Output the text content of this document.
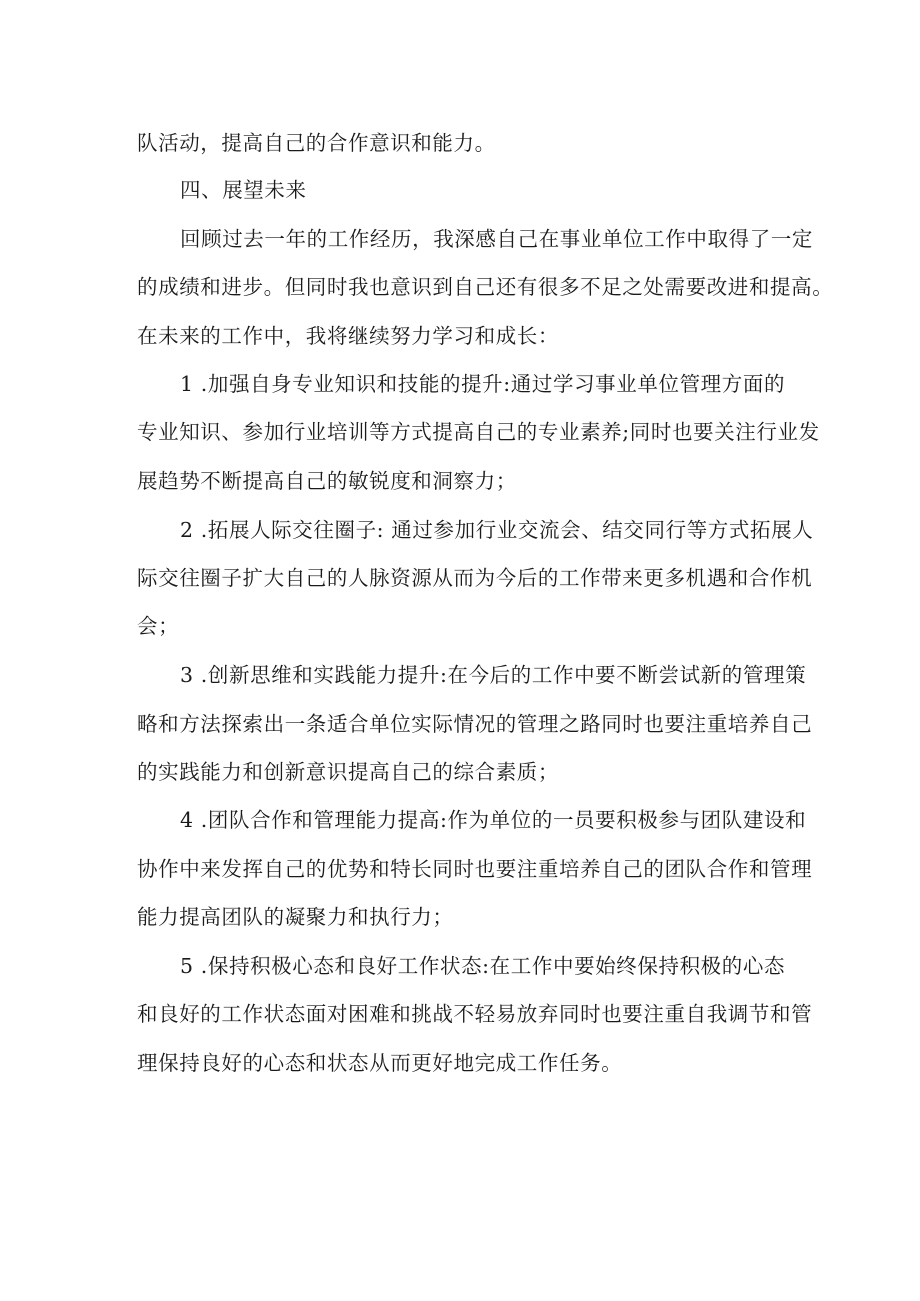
队活动，提高自己的合作意识和能力。
四、展望未来
回顾过去一年的工作经历，我深感自己在事业单位工作中取得了一定
的成绩和进步。但同时我也意识到自己还有很多不足之处需要改进和提高。
在未来的工作中，我将继续努力学习和成长：
1 .加强自身专业知识和技能的提升:通过学习事业单位管理方面的
专业知识、参加行业培训等方式提高自己的专业素养;同时也要关注行业发
展趋势不断提高自己的敏锐度和洞察力；
2 .拓展人际交往圈子: 通过参加行业交流会、结交同行等方式拓展人
际交往圈子扩大自己的人脉资源从而为今后的工作带来更多机遇和合作机
会；
3 .创新思维和实践能力提升:在今后的工作中要不断尝试新的管理策
略和方法探索出一条适合单位实际情况的管理之路同时也要注重培养自己
的实践能力和创新意识提高自己的综合素质；
4 .团队合作和管理能力提高:作为单位的一员要积极参与团队建设和
协作中来发挥自己的优势和特长同时也要注重培养自己的团队合作和管理
能力提高团队的凝聚力和执行力；
5 .保持积极心态和良好工作状态:在工作中要始终保持积极的心态
和良好的工作状态面对困难和挑战不轻易放弃同时也要注重自我调节和管
理保持良好的心态和状态从而更好地完成工作任务。
